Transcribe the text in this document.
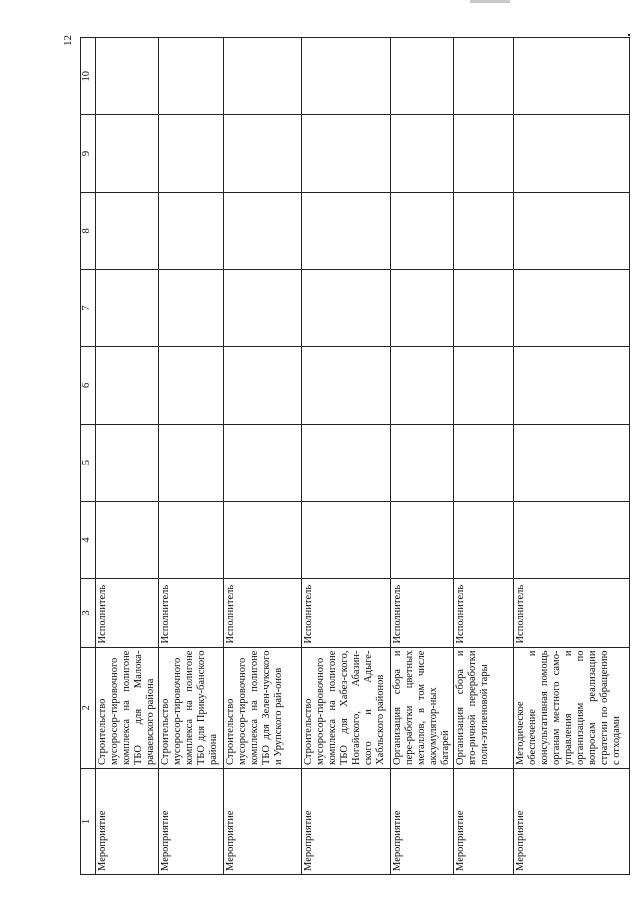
12
1	2	3	4	5	6	7	8	9	10
Мероприятие	Строительство мусоросор-тировочного комплекса на полигоне ТБО для Малока-рачаевского района	Исполнитель							
Мероприятие	Строительство мусоросор-тировочного комплекса на полигоне ТБО для Прику-банского района	Исполнитель							
Мероприятие	Строительство мусоросор-тировочного комплекса на полигоне ТБО для Зелен-чукского и Урупского рай-онов	Исполнитель							
Мероприятие	Строительство мусоросор-тировочного комплекса на полигоне ТБО для Хабез-ского, Ногайского, Абазин-ского и Адыге-Хабльского районов	Исполнитель							
Мероприятие	Организация сбора и пере-работки цветных металлов, в том числе аккумулятор-ных батарей	Исполнитель							
Мероприятие	Организация сбора и вто-ричной переработки поли-этиленовой тары	Исполнитель							
Мероприятие	Методическое обеспечение и консультативная помощь органам местного само-управления и организациям по вопросам реализации стратегии по обращению с отходами	Исполнитель							
